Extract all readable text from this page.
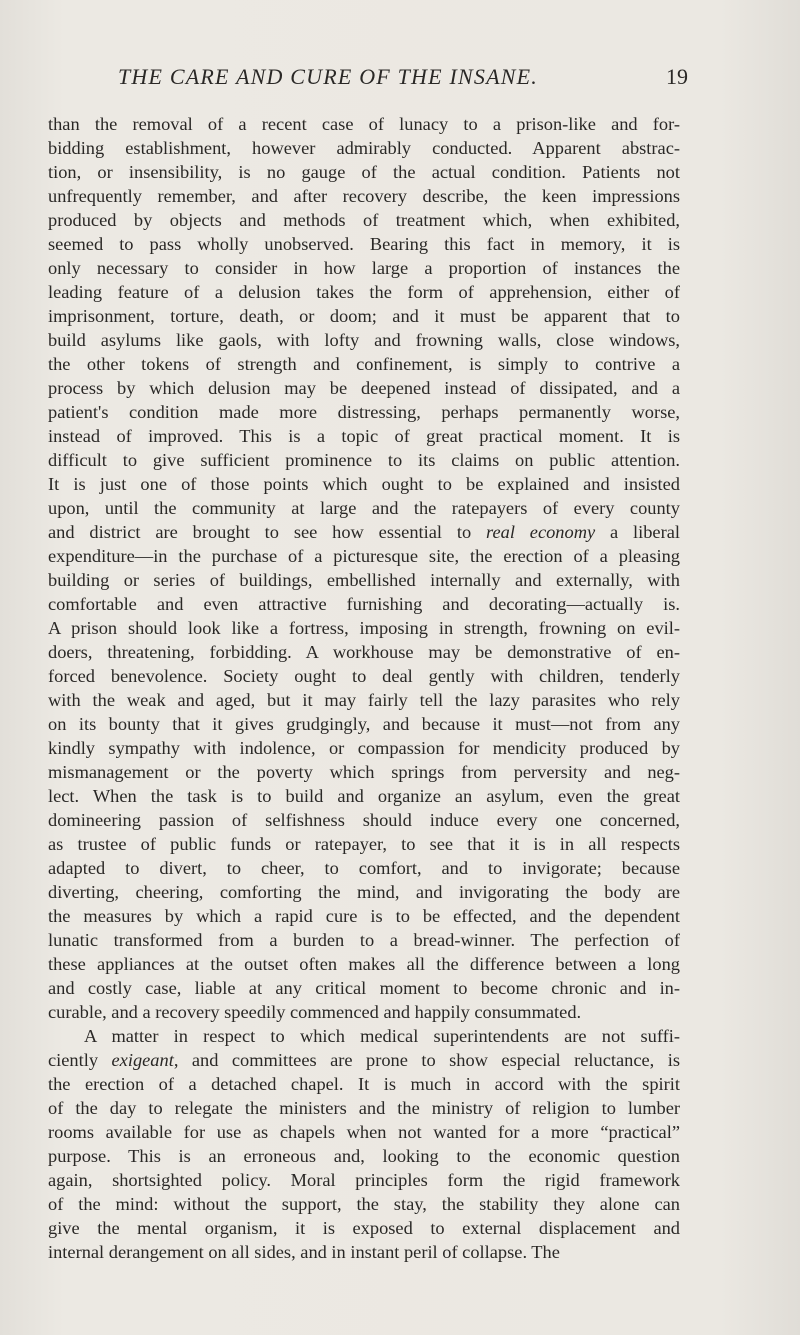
THE CARE AND CURE OF THE INSANE.	19
than the removal of a recent case of lunacy to a prison-like and for-
bidding establishment, however admirably conducted. Apparent abstrac-
tion, or insensibility, is no gauge of the actual condition. Patients not
unfrequently remember, and after recovery describe, the keen impressions
produced by objects and methods of treatment which, when exhibited,
seemed to pass wholly unobserved. Bearing this fact in memory, it is
only necessary to consider in how large a proportion of instances the
leading feature of a delusion takes the form of apprehension, either of
imprisonment, torture, death, or doom; and it must be apparent that to
build asylums like gaols, with lofty and frowning walls, close windows,
the other tokens of strength and confinement, is simply to contrive a
process by which delusion may be deepened instead of dissipated, and a
patient's condition made more distressing, perhaps permanently worse,
instead of improved. This is a topic of great practical moment. It is
difficult to give sufficient prominence to its claims on public attention.
It is just one of those points which ought to be explained and insisted
upon, until the community at large and the ratepayers of every county
and district are brought to see how essential to real economy a liberal
expenditure—in the purchase of a picturesque site, the erection of a pleasing
building or series of buildings, embellished internally and externally, with
comfortable and even attractive furnishing and decorating—actually is.
A prison should look like a fortress, imposing in strength, frowning on evil-
doers, threatening, forbidding. A workhouse may be demonstrative of en-
forced benevolence. Society ought to deal gently with children, tenderly
with the weak and aged, but it may fairly tell the lazy parasites who rely
on its bounty that it gives grudgingly, and because it must—not from any
kindly sympathy with indolence, or compassion for mendicity produced by
mismanagement or the poverty which springs from perversity and neg-
lect. When the task is to build and organize an asylum, even the great
domineering passion of selfishness should induce every one concerned,
as trustee of public funds or ratepayer, to see that it is in all respects
adapted to divert, to cheer, to comfort, and to invigorate; because
diverting, cheering, comforting the mind, and invigorating the body are
the measures by which a rapid cure is to be effected, and the dependent
lunatic transformed from a burden to a bread-winner. The perfection of
these appliances at the outset often makes all the difference between a long
and costly case, liable at any critical moment to become chronic and in-
curable, and a recovery speedily commenced and happily consummated.
A matter in respect to which medical superintendents are not suffi-
ciently exigeant, and committees are prone to show especial reluctance, is
the erection of a detached chapel. It is much in accord with the spirit
of the day to relegate the ministers and the ministry of religion to lumber
rooms available for use as chapels when not wanted for a more “practical”
purpose. This is an erroneous and, looking to the economic question
again, shortsighted policy. Moral principles form the rigid framework
of the mind: without the support, the stay, the stability they alone can
give the mental organism, it is exposed to external displacement and
internal derangement on all sides, and in instant peril of collapse. The
